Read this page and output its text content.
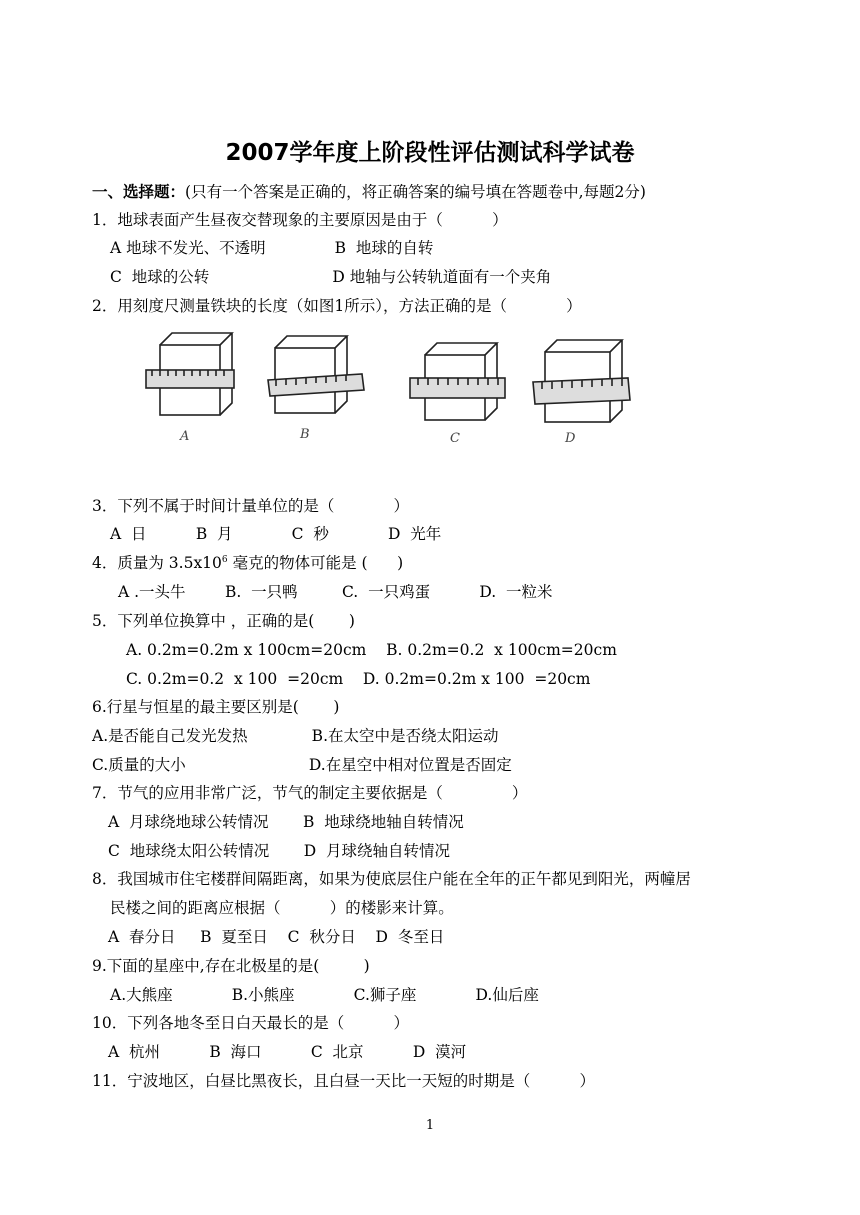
2007学年度上阶段性评估测试科学试卷
一、选择题：(只有一个答案是正确的，将正确答案的编号填在答题卷中,每题2分)
1．地球表面产生昼夜交替现象的主要原因是由于（          ）
A 地球不发光、不透明              B  地球的自转
C  地球的公转                         D 地轴与公转轨道面有一个夹角
2．用刻度尺测量铁块的长度（如图1所示），方法正确的是（            ）
A	B	C	D
3．下列不属于时间计量单位的是（            ）
A  日          B  月            C  秒            D  光年
4．质量为 $3.5x10^6$ 毫克的物体可能是 (      )
A .一头牛        B.  一只鸭         C.  一只鸡蛋          D.  一粒米
5．下列单位换算中 ，正确的是(       )
A. 0.2m=0.2m x 100cm=20cm    B. 0.2m=0.2  x 100cm=20cm
C. 0.2m=0.2  x 100  =20cm    D. 0.2m=0.2m x 100  =20cm
6.行星与恒星的最主要区别是(       )
A.是否能自己发光发热             B.在太空中是否绕太阳运动
C.质量的大小                         D.在星空中相对位置是否固定
7．节气的应用非常广泛，节气的制定主要依据是（              ）
A  月球绕地球公转情况       B  地球绕地轴自转情况
C  地球绕太阳公转情况       D  月球绕轴自转情况
8．我国城市住宅楼群间隔距离，如果为使底层住户能在全年的正午都见到阳光，两幢居
民楼之间的距离应根据（          ）的楼影来计算。
A  春分日     B  夏至日    C  秋分日    D  冬至日
9.下面的星座中,存在北极星的是(         )
A.大熊座            B.小熊座            C.狮子座            D.仙后座
10．下列各地冬至日白天最长的是（          ）
A  杭州          B  海口          C  北京          D  漠河
11．宁波地区，白昼比黑夜长，且白昼一天比一天短的时期是（          ）
1
